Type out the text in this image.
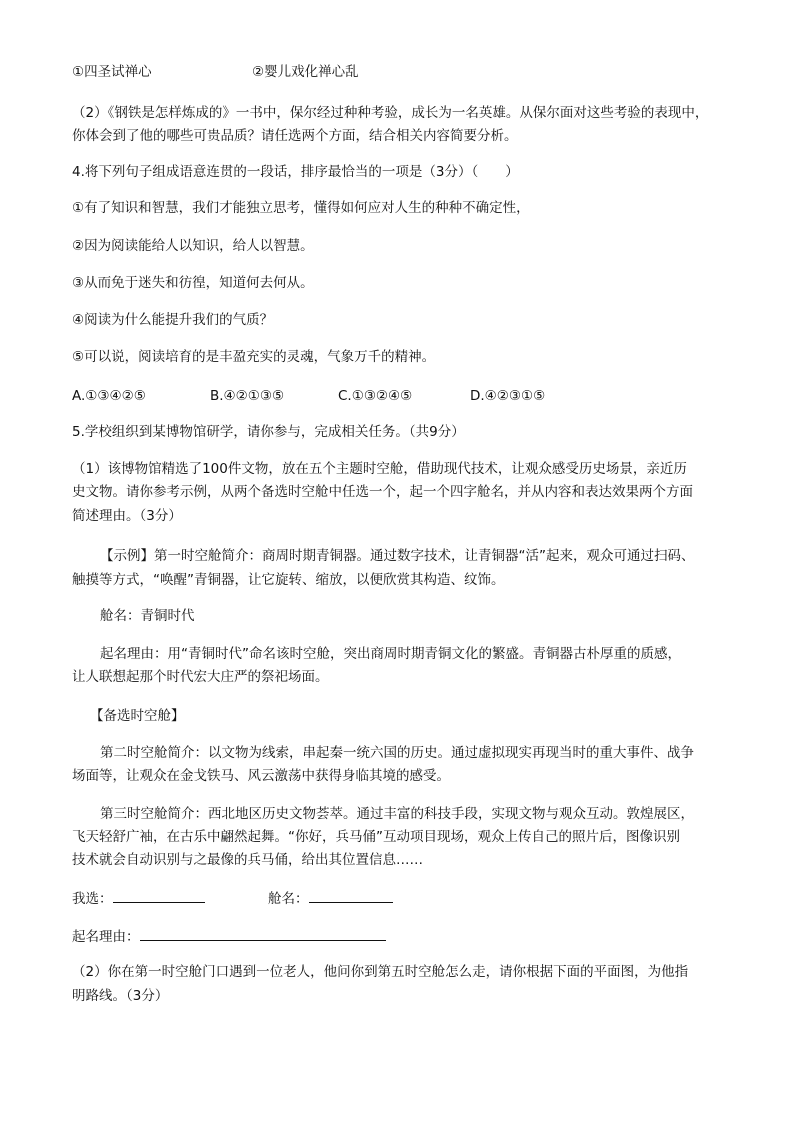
①四圣试禅心	②婴儿戏化禅心乱
（2）《钢铁是怎样炼成的》一书中，保尔经过种种考验，成长为一名英雄。从保尔面对这些考验的表现中，
你体会到了他的哪些可贵品质？请任选两个方面，结合相关内容简要分析。
4.将下列句子组成语意连贯的一段话，排序最恰当的一项是（3分）（　　）
①有了知识和智慧，我们才能独立思考，懂得如何应对人生的种种不确定性，
②因为阅读能给人以知识，给人以智慧。
③从而免于迷失和彷徨，知道何去何从。
④阅读为什么能提升我们的气质？
⑤可以说，阅读培育的是丰盈充实的灵魂，气象万千的精神。
A.①③④②⑤	B.④②①③⑤	C.①③②④⑤	D.④②③①⑤
5.学校组织到某博物馆研学，请你参与，完成相关任务。（共9分）
（1）该博物馆精选了100件文物，放在五个主题时空舱，借助现代技术，让观众感受历史场景，亲近历
史文物。请你参考示例，从两个备选时空舱中任选一个，起一个四字舱名，并从内容和表达效果两个方面
简述理由。（3分）
【示例】第一时空舱简介：商周时期青铜器。通过数字技术，让青铜器“活”起来，观众可通过扫码、
触摸等方式，“唤醒”青铜器，让它旋转、缩放，以便欣赏其构造、纹饰。
舱名：青铜时代
起名理由：用“青铜时代”命名该时空舱，突出商周时期青铜文化的繁盛。青铜器古朴厚重的质感，
让人联想起那个时代宏大庄严的祭祀场面。
【备选时空舱】
第二时空舱简介：以文物为线索，串起秦一统六国的历史。通过虚拟现实再现当时的重大事件、战争
场面等，让观众在金戈铁马、风云激荡中获得身临其境的感受。
第三时空舱简介：西北地区历史文物荟萃。通过丰富的科技手段，实现文物与观众互动。敦煌展区，
飞天轻舒广袖，在古乐中翩然起舞。“你好，兵马俑”互动项目现场，观众上传自己的照片后，图像识别
技术就会自动识别与之最像的兵马俑，给出其位置信息……
我选：	舱名：
起名理由：
（2）你在第一时空舱门口遇到一位老人，他问你到第五时空舱怎么走，请你根据下面的平面图，为他指
明路线。（3分）
